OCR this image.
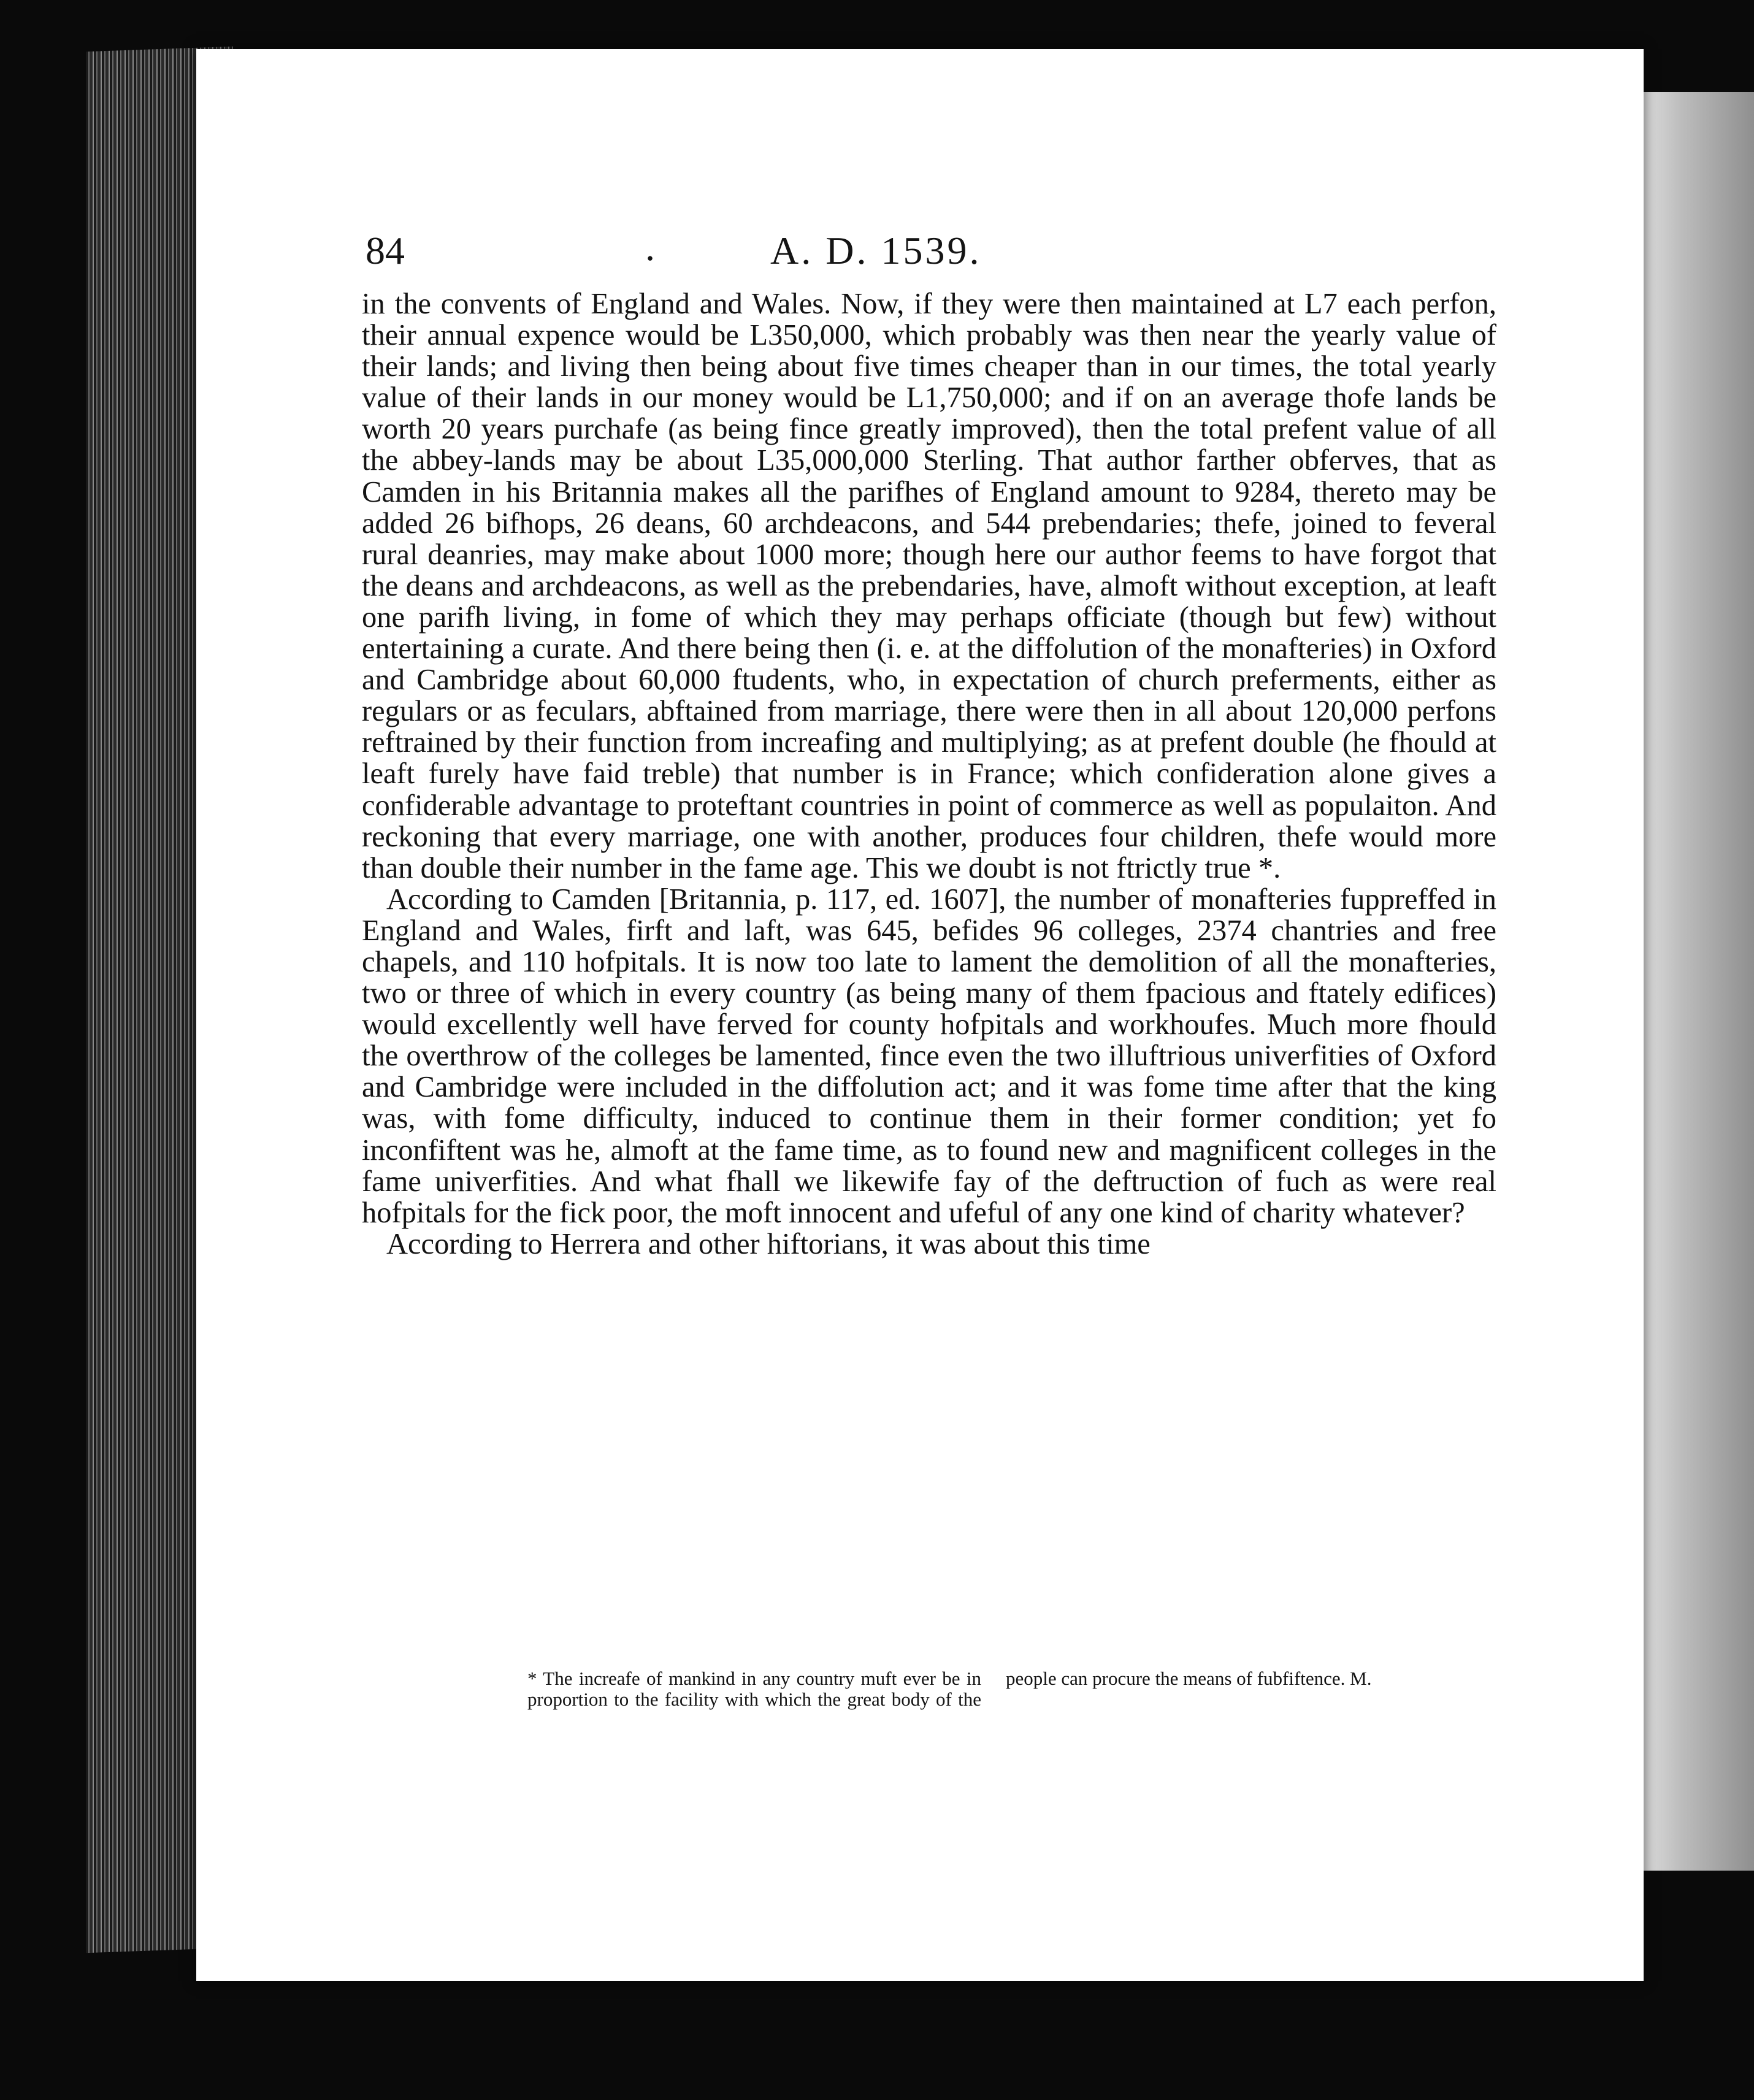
84	.	A. D. 1539.

in the convents of England and Wales. Now, if they were then maintained at L7 each perfon, their annual expence would be L350,000, which probably was then near the yearly value of their lands; and living then being about five times cheaper than in our times, the total yearly value of their lands in our money would be L1,750,000; and if on an average thofe lands be worth 20 years purchafe (as being fince greatly improved), then the total prefent value of all the abbey-lands may be about L35,000,000 Sterling. That author farther obferves, that as Camden in his Britannia makes all the parifhes of England amount to 9284, thereto may be added 26 bifhops, 26 deans, 60 archdeacons, and 544 prebendaries; thefe, joined to feveral rural deanries, may make about 1000 more; though here our author feems to have forgot that the deans and archdeacons, as well as the prebendaries, have, almoft without exception, at leaft one parifh living, in fome of which they may perhaps officiate (though but few) without entertaining a curate. And there being then (i. e. at the diffolution of the monafteries) in Oxford and Cambridge about 60,000 ftudents, who, in expectation of church preferments, either as regulars or as feculars, abftained from marriage, there were then in all about 120,000 perfons reftrained by their function from increafing and multiplying; as at prefent double (he fhould at leaft furely have faid treble) that number is in France; which confideration alone gives a confiderable advantage to proteftant countries in point of commerce as well as populaiton. And reckoning that every marriage, one with another, produces four children, thefe would more than double their number in the fame age. This we doubt is not ftrictly true *.

According to Camden [Britannia, p. 117, ed. 1607], the number of monafteries fuppreffed in England and Wales, firft and laft, was 645, befides 96 colleges, 2374 chantries and free chapels, and 110 hofpitals. It is now too late to lament the demolition of all the monafteries, two or three of which in every country (as being many of them fpacious and ftately edifices) would excellently well have ferved for county hofpitals and workhoufes. Much more fhould the overthrow of the colleges be lamented, fince even the two illuftrious univerfities of Oxford and Cambridge were included in the diffolution act; and it was fome time after that the king was, with fome difficulty, induced to continue them in their former condition; yet fo inconfiftent was he, almoft at the fame time, as to found new and magnificent colleges in the fame univerfities. And what fhall we likewife fay of the deftruction of fuch as were real hofpitals for the fick poor, the moft innocent and ufeful of any one kind of charity whatever?

According to Herrera and other hiftorians, it was about this time

* The increafe of mankind in any country muft ever be in proportion to the facility with which the great body of the people can procure the means of fubfiftence. M.
